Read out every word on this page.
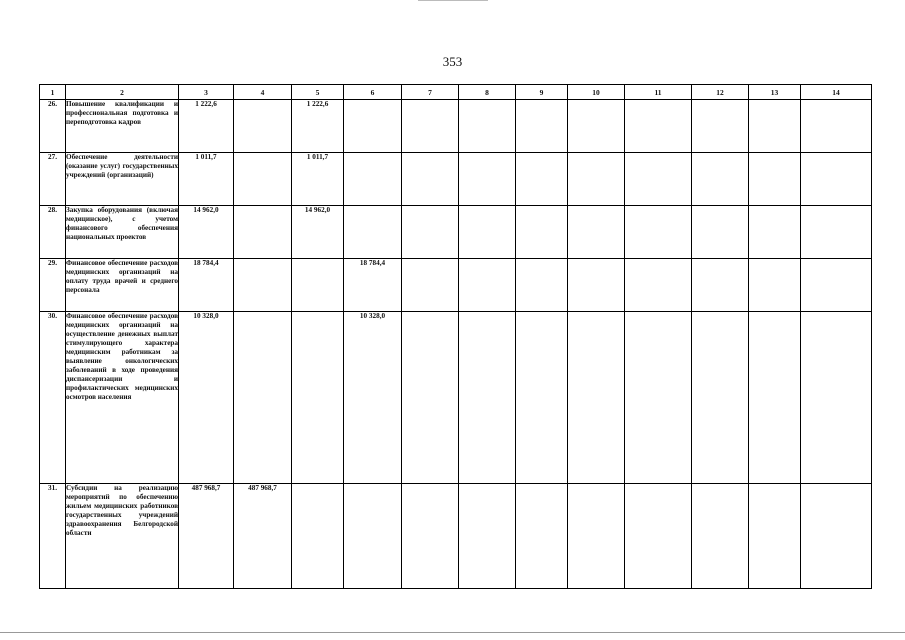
353
1	2	3	4	5	6	7	8	9	10	11	12	13	14
26.	Повышение квалификации и профессиональная подготовка и переподготовка кадров	1 222,6		1 222,6									
27.	Обеспечение деятельности (оказание услуг) государственных учреждений (организаций)	1 011,7		1 011,7									
28.	Закупка оборудования (включая медицинское), с учетом финансового обеспечения национальных проектов	14 962,0		14 962,0									
29.	Финансовое обеспечение расходов медицинских организаций на оплату труда врачей и среднего персонала	18 784,4			18 784,4								
30.	Финансовое обеспечение расходов медицинских организаций на осуществление денежных выплат стимулирующего характера медицинским работникам за выявление онкологических заболеваний в ходе проведения диспансеризации и профилактических медицинских осмотров населения	10 328,0			10 328,0								
31.	Субсидии на реализацию мероприятий по обеспечению жильем медицинских работников государственных учреждений здравоохранения Белгородской области	487 968,7	487 968,7										
